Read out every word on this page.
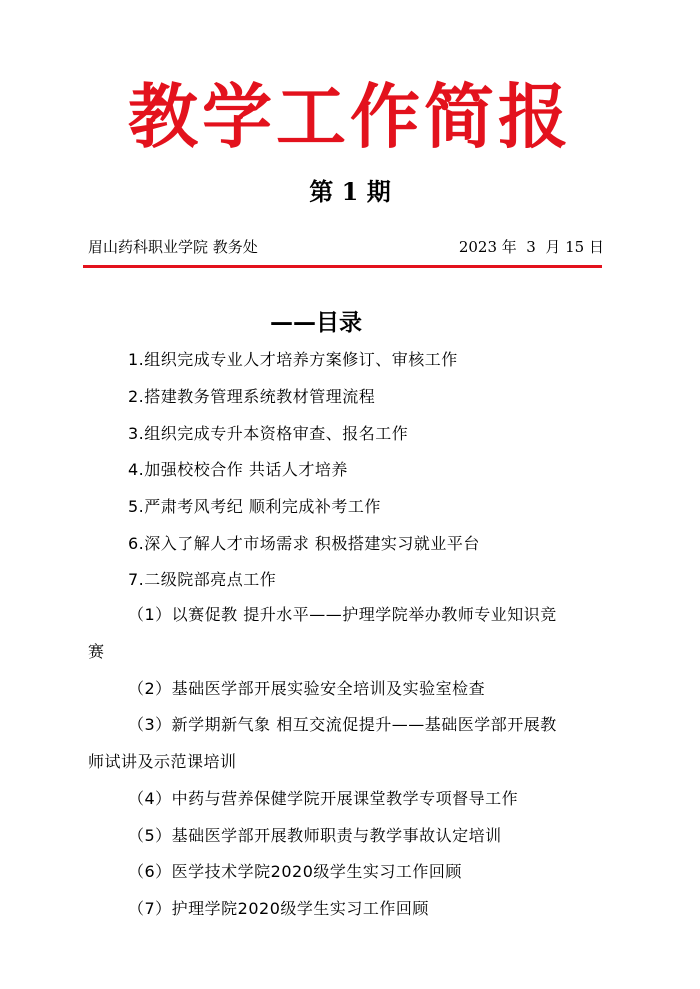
教学工作简报
第 1 期
眉山药科职业学院 教务处	2023 年  3  月 15 日
——目录
1.组织完成专业人才培养方案修订、审核工作
2.搭建教务管理系统教材管理流程
3.组织完成专升本资格审查、报名工作
4.加强校校合作 共话人才培养
5.严肃考风考纪 顺利完成补考工作
6.深入了解人才市场需求 积极搭建实习就业平台
7.二级院部亮点工作
（1）以赛促教 提升水平——护理学院举办教师专业知识竞
赛
（2）基础医学部开展实验安全培训及实验室检查
（3）新学期新气象 相互交流促提升——基础医学部开展教
师试讲及示范课培训
（4）中药与营养保健学院开展课堂教学专项督导工作
（5）基础医学部开展教师职责与教学事故认定培训
（6）医学技术学院2020级学生实习工作回顾
（7）护理学院2020级学生实习工作回顾
